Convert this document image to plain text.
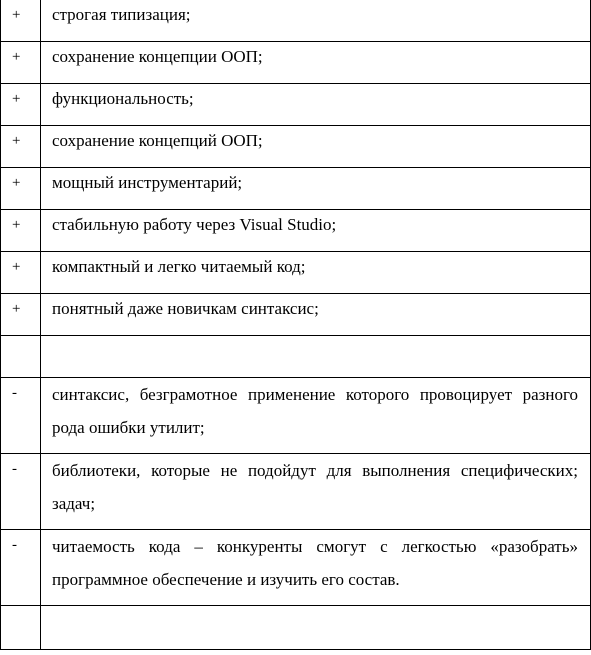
+	строгая типизация;
+	сохранение концепции ООП;
+	функциональность;
+	сохранение концепций ООП;
+	мощный инструментарий;
+	стабильную работу через Visual Studio;
+	компактный и легко читаемый код;
+	понятный даже новичкам синтаксис;

-	синтаксис, безграмотное применение которого провоцирует разного рода ошибки утилит;
-	библиотеки, которые не подойдут для выполнения специфических; задач;
-	читаемость кода – конкуренты смогут с легкостью «разобрать» программное обеспечение и изучить его состав.
